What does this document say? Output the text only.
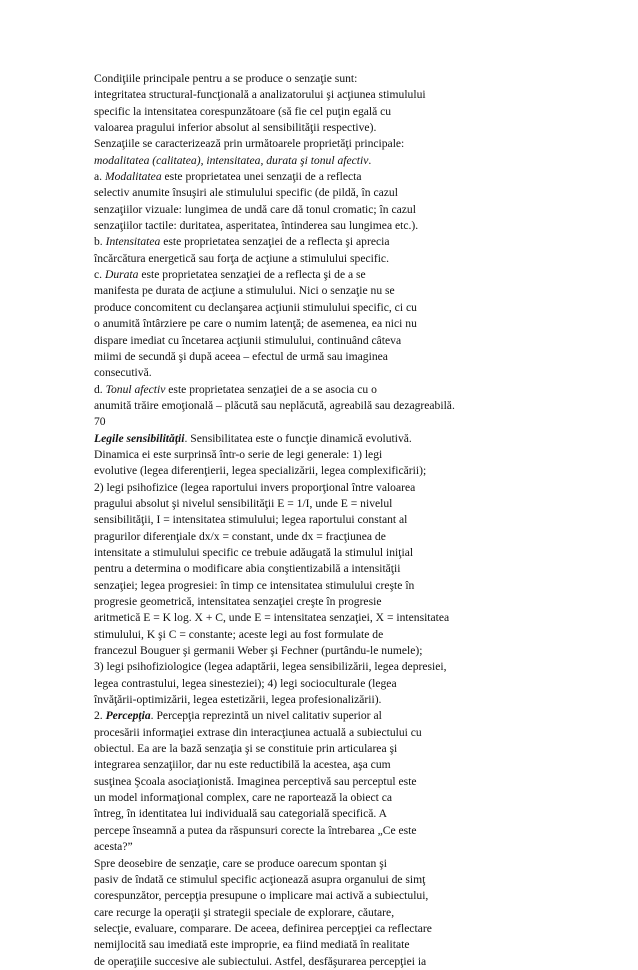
Condiţiile principale pentru a se produce o senzaţie sunt:
integritatea structural-funcţională a analizatorului şi acţiunea stimulului
specific la intensitatea corespunzătoare (să fie cel puţin egală cu
valoarea pragului inferior absolut al sensibilităţii respective).
Senzaţiile se caracterizează prin următoarele proprietăţi principale:
modalitatea (calitatea), intensitatea, durata şi tonul afectiv.
a. Modalitatea este proprietatea unei senzaţii de a reflecta
selectiv anumite însuşiri ale stimulului specific (de pildă, în cazul
senzaţiilor vizuale: lungimea de undă care dă tonul cromatic; în cazul
senzaţiilor tactile: duritatea, asperitatea, întinderea sau lungimea etc.).
b. Intensitatea este proprietatea senzaţiei de a reflecta şi aprecia
încărcătura energetică sau forţa de acţiune a stimulului specific.
c. Durata este proprietatea senzaţiei de a reflecta şi de a se
manifesta pe durata de acţiune a stimulului. Nici o senzaţie nu se
produce concomitent cu declanşarea acţiunii stimulului specific, ci cu
o anumită întârziere pe care o numim latenţă; de asemenea, ea nici nu
dispare imediat cu încetarea acţiunii stimulului, continuând câteva
miimi de secundă şi după aceea – efectul de urmă sau imaginea
consecutivă.
d. Tonul afectiv este proprietatea senzaţiei de a se asocia cu o
anumită trăire emoţională – plăcută sau neplăcută, agreabilă sau dezagreabilă.
70
Legile sensibilităţii. Sensibilitatea este o funcţie dinamică evolutivă.
Dinamica ei este surprinsă într-o serie de legi generale: 1) legi
evolutive (legea diferenţierii, legea specializării, legea complexificării);
2) legi psihofizice (legea raportului invers proporţional între valoarea
pragului absolut şi nivelul sensibilităţii E = 1/I, unde E = nivelul
sensibilităţii, I = intensitatea stimulului; legea raportului constant al
pragurilor diferenţiale dx/x = constant, unde dx = fracţiunea de
intensitate a stimulului specific ce trebuie adăugată la stimulul iniţial
pentru a determina o modificare abia conştientizabilă a intensităţii
senzaţiei; legea progresiei: în timp ce intensitatea stimulului creşte în
progresie geometrică, intensitatea senzaţiei creşte în progresie
aritmetică E = K log. X + C, unde E = intensitatea senzaţiei, X = intensitatea
stimulului, K şi C = constante; aceste legi au fost formulate de
francezul Bouguer şi germanii Weber şi Fechner (purtându-le numele);
3) legi psihofiziologice (legea adaptării, legea sensibilizării, legea depresiei,
legea contrastului, legea sinesteziei); 4) legi socioculturale (legea
învăţării-optimizării, legea estetizării, legea profesionalizării).
2. Percepţia. Percepţia reprezintă un nivel calitativ superior al
procesării informaţiei extrase din interacţiunea actuală a subiectului cu
obiectul. Ea are la bază senzaţia şi se constituie prin articularea şi
integrarea senzaţiilor, dar nu este reductibilă la acestea, aşa cum
susţinea Şcoala asociaţionistă. Imaginea perceptivă sau perceptul este
un model informaţional complex, care ne raportează la obiect ca
întreg, în identitatea lui individuală sau categorială specifică. A
percepe înseamnă a putea da răspunsuri corecte la întrebarea „Ce este
acesta?”
Spre deosebire de senzaţie, care se produce oarecum spontan şi
pasiv de îndată ce stimulul specific acţionează asupra organului de simţ
corespunzător, percepţia presupune o implicare mai activă a subiectului,
care recurge la operaţii şi strategii speciale de explorare, căutare,
selecţie, evaluare, comparare. De aceea, definirea percepţiei ca reflectare
nemijlocită sau imediată este improprie, ea fiind mediată în realitate
de operaţiile succesive ale subiectului. Astfel, desfăşurarea percepţiei ia
